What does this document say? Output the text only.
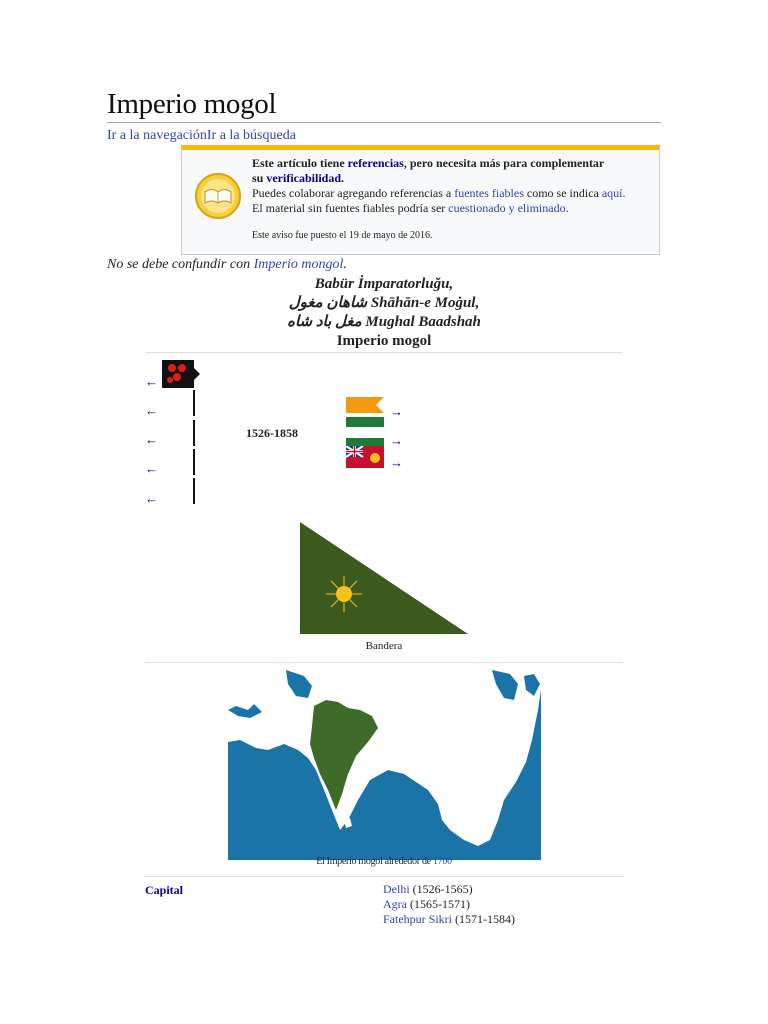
Imperio mogol
Ir a la navegaciónIr a la búsqueda
Este artículo tiene referencias, pero necesita más para complementar
su verificabilidad.
Puedes colaborar agregando referencias a fuentes fiables como se indica aquí.
El material sin fuentes fiables podría ser cuestionado y eliminado.
Este aviso fue puesto el 19 de mayo de 2016.
No se debe confundir con Imperio mongol.
Babür İmparatorluğu,
شاهان مغول Shāhān-e Moġul,
مغل باد شاه Mughal Baadshah
Imperio mogol
←
←
←
←
←
1526-1858
→
→
→
Bandera
El Imperio mogol alrededor de 1700
Capital	Delhi (1526-1565)
Agra (1565-1571)
Fatehpur Sikri (1571-1584)
